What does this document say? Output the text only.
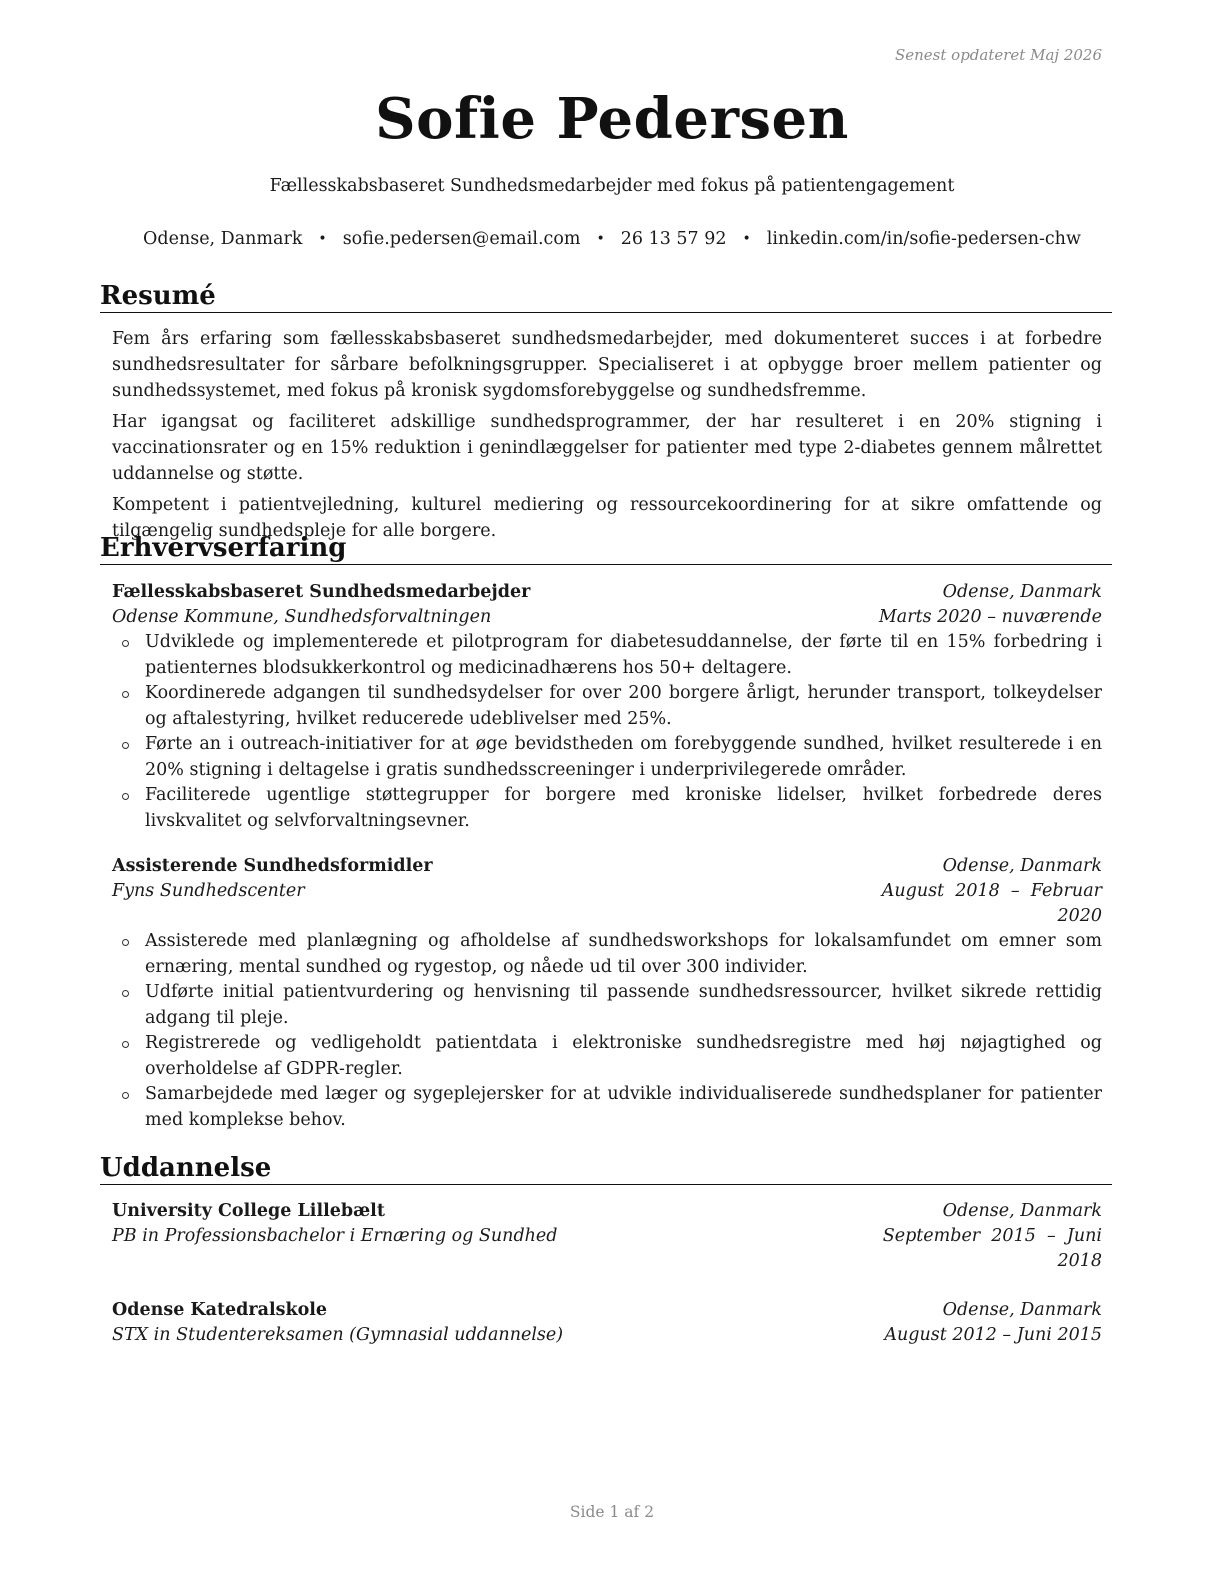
Senest opdateret Maj 2026
Sofie Pedersen
Fællesskabsbaseret Sundhedsmedarbejder med fokus på patientengagement
Odense, Danmark • sofie.pedersen@email.com • 26 13 57 92 • linkedin.com/in/sofie-pedersen-chw
Resumé

Fem års erfaring som fællesskabsbaseret sundhedsmedarbejder, med dokumenteret succes i at forbedre sundhedsresultater for sårbare befolkningsgrupper. Specialiseret i at opbygge broer mellem patienter og sundhedssystemet, med fokus på kronisk sygdomsforebyggelse og sundhedsfremme.

Har igangsat og faciliteret adskillige sundhedsprogrammer, der har resulteret i en 20% stigning i vaccinationsrater og en 15% reduktion i genindlæggelser for patienter med type 2-diabetes gennem målrettet uddannelse og støtte.

Kompetent i patientvejledning, kulturel mediering og ressourcekoordinering for at sikre omfattende og tilgængelig sundhedspleje for alle borgere.

Erhvervserfaring
Fællesskabsbaseret Sundhedsmedarbejder	Odense, Danmark
Odense Kommune, Sundhedsforvaltningen	Marts 2020 – nuværende
Udviklede og implementerede et pilotprogram for diabetesuddannelse, der førte til en 15% forbedring i patienternes blodsukkerkontrol og medicinadhærens hos 50+ deltagere.
Koordinerede adgangen til sundhedsydelser for over 200 borgere årligt, herunder transport, tolkeydelser og aftalestyring, hvilket reducerede udeblivelser med 25%.
Førte an i outreach-initiativer for at øge bevidstheden om forebyggende sundhed, hvilket resulterede i en 20% stigning i deltagelse i gratis sundhedsscreeninger i underprivilegerede områder.
Faciliterede ugentlige støttegrupper for borgere med kroniske lidelser, hvilket forbedrede deres livskvalitet og selvforvaltningsevner.
Assisterende Sundhedsformidler	Odense, Danmark
Fyns Sundhedscenter	August  2018  –  Februar
2020
Assisterede med planlægning og afholdelse af sundhedsworkshops for lokalsamfundet om emner som ernæring, mental sundhed og rygestop, og nåede ud til over 300 individer.
Udførte initial patientvurdering og henvisning til passende sundhedsressourcer, hvilket sikrede rettidig adgang til pleje.
Registrerede og vedligeholdt patientdata i elektroniske sundhedsregistre med høj nøjagtighed og overholdelse af GDPR-regler.
Samarbejdede med læger og sygeplejersker for at udvikle individualiserede sundhedsplaner for patienter med komplekse behov.
Uddannelse
University College Lillebælt	Odense, Danmark
PB in Professionsbachelor i Ernæring og Sundhed	September  2015  –  Juni
2018
Odense Katedralskole	Odense, Danmark
STX in Studentereksamen (Gymnasial uddannelse)	August 2012 – Juni 2015
Side 1 af 2
